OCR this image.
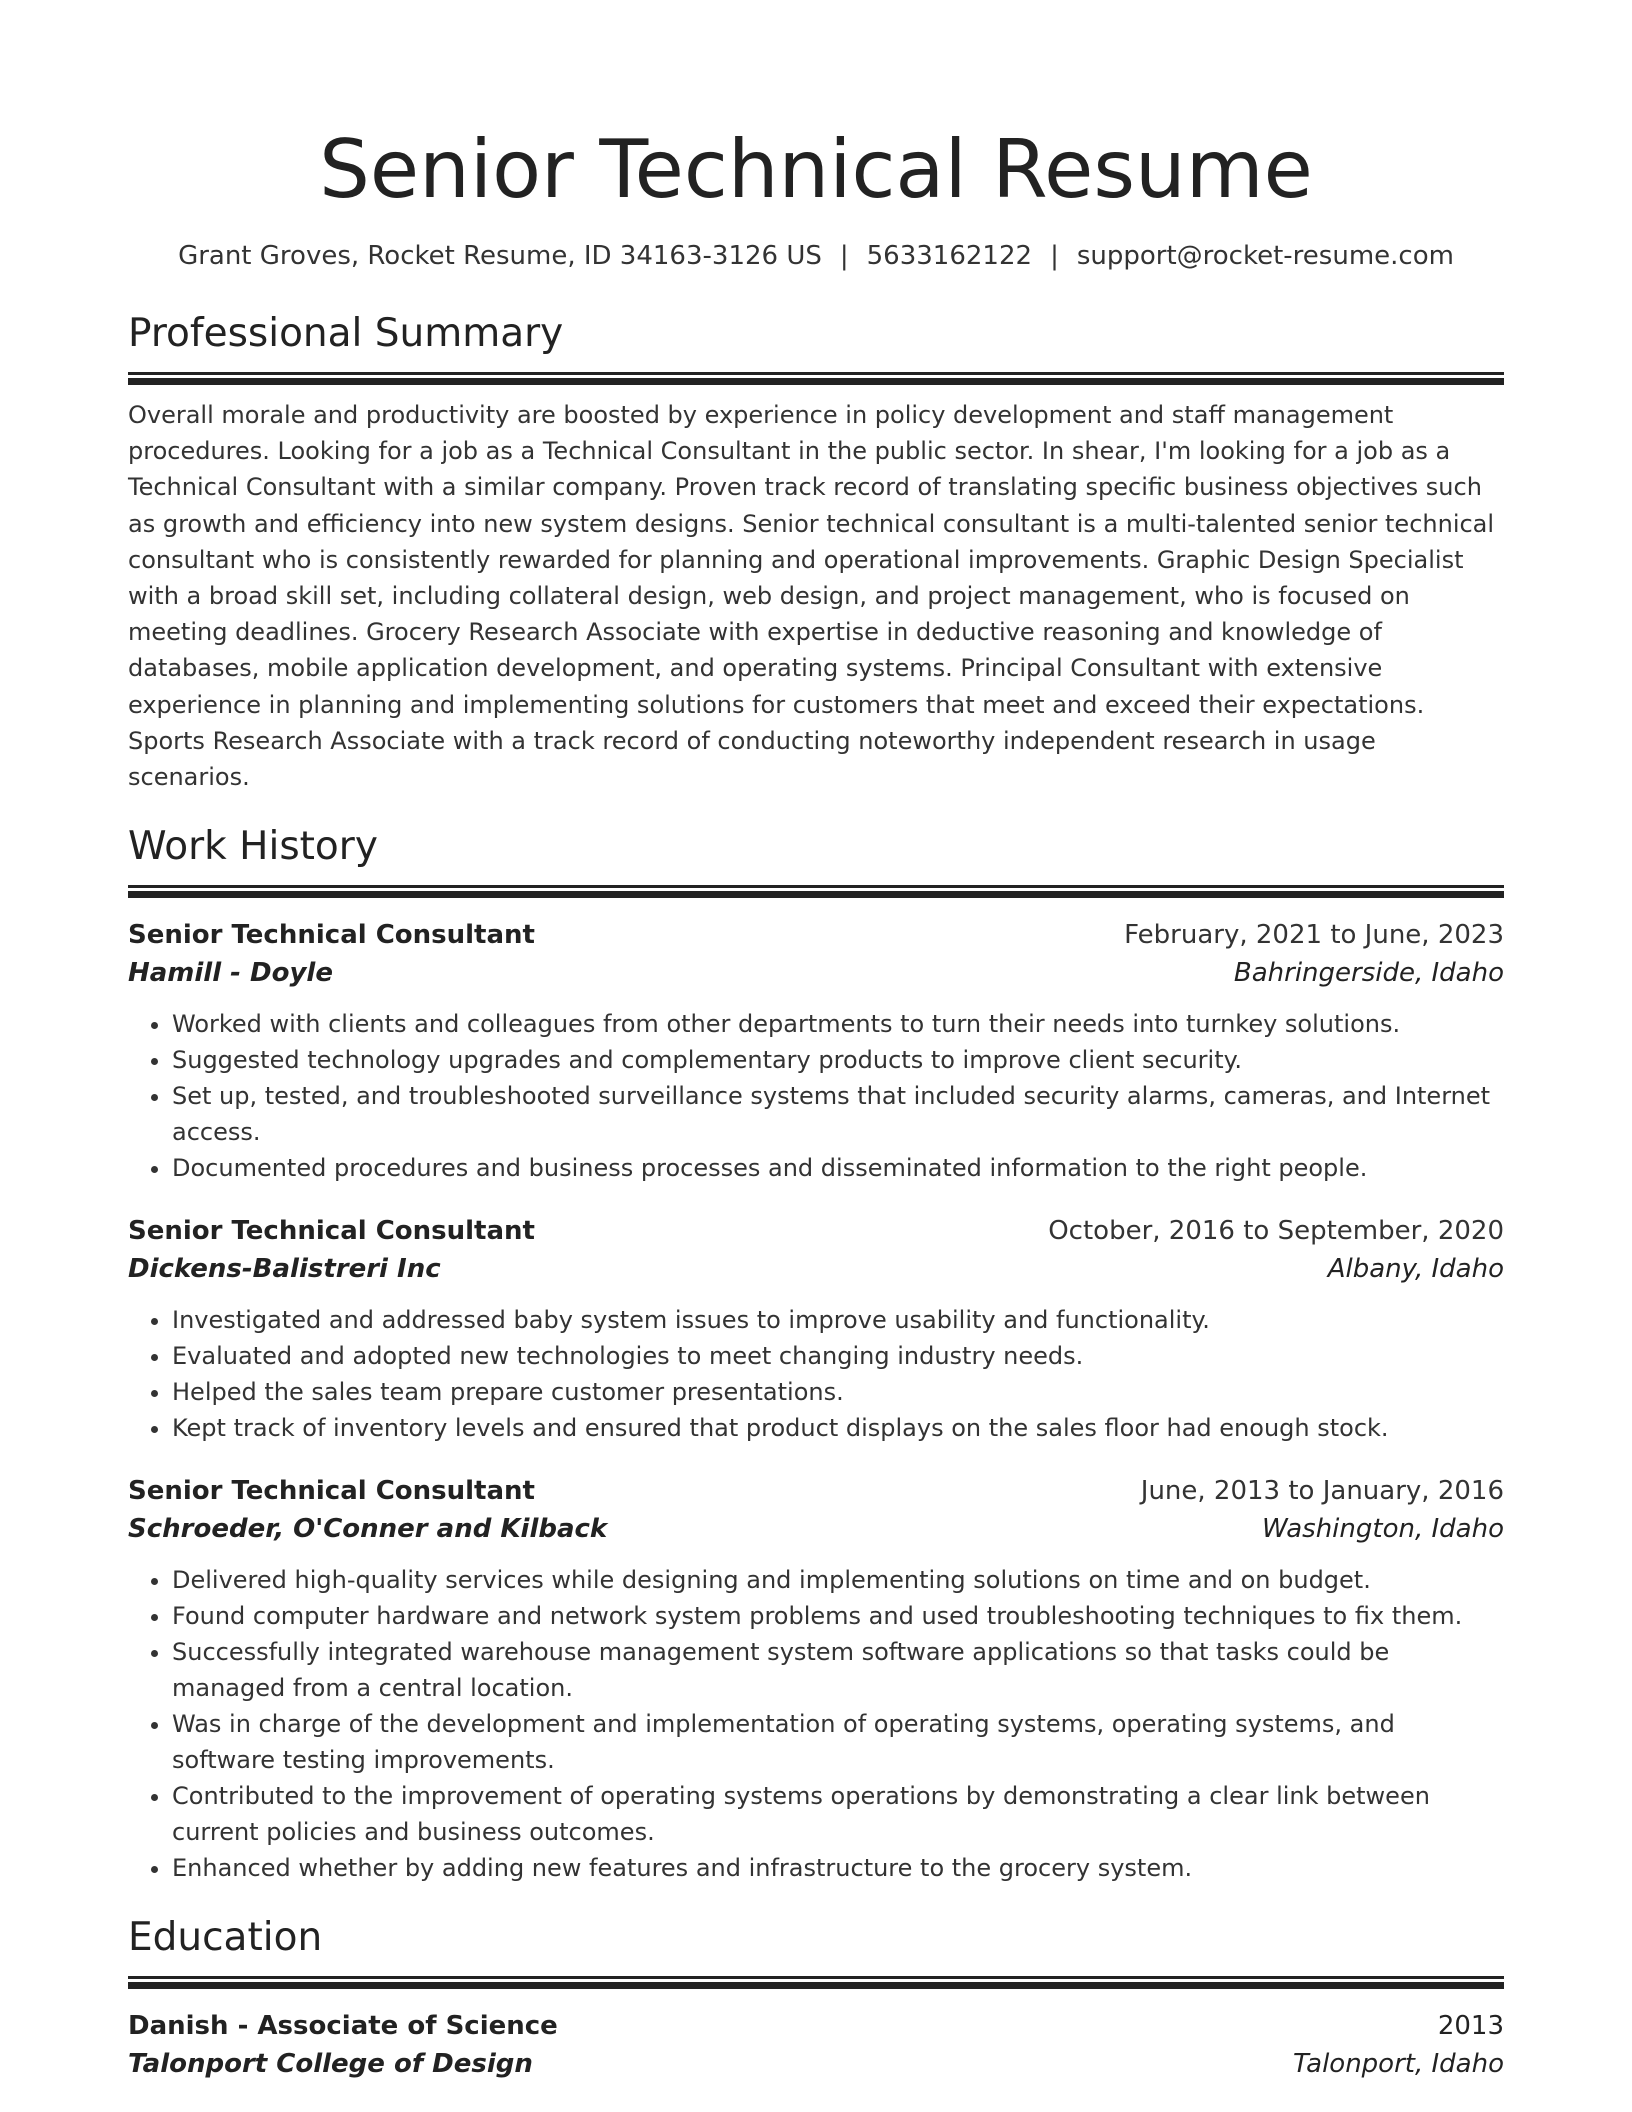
Senior Technical Resume
Grant Groves, Rocket Resume, ID 34163-3126 US | 5633162122 | support@rocket-resume.com
Professional Summary

Overall morale and productivity are boosted by experience in policy development and staff management procedures. Looking for a job as a Technical Consultant in the public sector. In shear, I'm looking for a job as a Technical Consultant with a similar company. Proven track record of translating specific business objectives such as growth and efficiency into new system designs. Senior technical consultant is a multi-talented senior technical consultant who is consistently rewarded for planning and operational improvements. Graphic Design Specialist with a broad skill set, including collateral design, web design, and project management, who is focused on meeting deadlines. Grocery Research Associate with expertise in deductive reasoning and knowledge of databases, mobile application development, and operating systems. Principal Consultant with extensive experience in planning and implementing solutions for customers that meet and exceed their expectations. Sports Research Associate with a track record of conducting noteworthy independent research in usage scenarios.

Work History
Senior Technical Consultant	February, 2021 to June, 2023
Hamill - Doyle	Bahringerside, Idaho
• Worked with clients and colleagues from other departments to turn their needs into turnkey solutions.
• Suggested technology upgrades and complementary products to improve client security.
• Set up, tested, and troubleshooted surveillance systems that included security alarms, cameras, and Internet access.
• Documented procedures and business processes and disseminated information to the right people.
Senior Technical Consultant	October, 2016 to September, 2020
Dickens-Balistreri Inc	Albany, Idaho
• Investigated and addressed baby system issues to improve usability and functionality.
• Evaluated and adopted new technologies to meet changing industry needs.
• Helped the sales team prepare customer presentations.
• Kept track of inventory levels and ensured that product displays on the sales floor had enough stock.
Senior Technical Consultant	June, 2013 to January, 2016
Schroeder, O'Conner and Kilback	Washington, Idaho
• Delivered high-quality services while designing and implementing solutions on time and on budget.
• Found computer hardware and network system problems and used troubleshooting techniques to fix them.
• Successfully integrated warehouse management system software applications so that tasks could be managed from a central location.
• Was in charge of the development and implementation of operating systems, operating systems, and software testing improvements.
• Contributed to the improvement of operating systems operations by demonstrating a clear link between current policies and business outcomes.
• Enhanced whether by adding new features and infrastructure to the grocery system.
Education
Danish - Associate of Science	2013
Talonport College of Design	Talonport, Idaho
